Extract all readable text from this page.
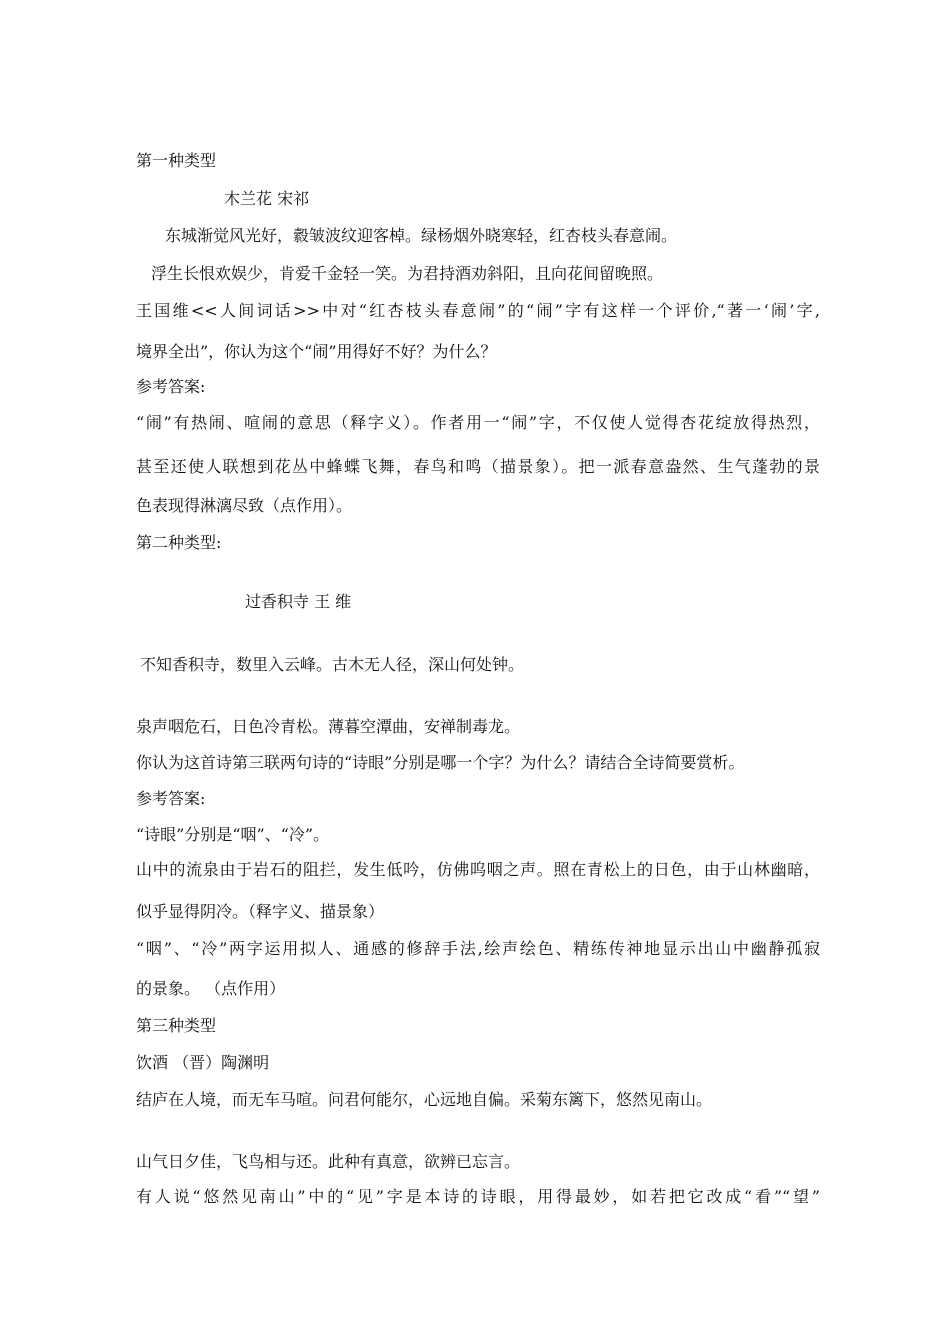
第一种类型
木兰花 宋祁
东城渐觉风光好，縠皱波纹迎客棹。绿杨烟外晓寒轻，红杏枝头春意闹。
浮生长恨欢娱少，肯爱千金轻一笑。为君持酒劝斜阳，且向花间留晚照。
王国维<<人间词话>>中对“红杏枝头春意闹”的“闹”字有这样一个评价,“著一‘闹’字,
境界全出”，你认为这个“闹”用得好不好？为什么？
参考答案:
“闹”有热闹、喧闹的意思（释字义）。作者用一“闹”字，不仅使人觉得杏花绽放得热烈，
甚至还使人联想到花丛中蜂蝶飞舞，春鸟和鸣（描景象）。把一派春意盎然、生气蓬勃的景
色表现得淋漓尽致（点作用）。
第二种类型:
过香积寺 王 维
不知香积寺，数里入云峰。古木无人径，深山何处钟。
泉声咽危石，日色冷青松。薄暮空潭曲，安禅制毒龙。
你认为这首诗第三联两句诗的“诗眼”分别是哪一个字？为什么？请结合全诗简要赏析。
参考答案:
“诗眼”分别是“咽”、“冷”。
山中的流泉由于岩石的阻拦，发生低吟，仿佛呜咽之声。照在青松上的日色，由于山林幽暗，
似乎显得阴冷。（释字义、描景象）
“咽”、“冷”两字运用拟人、通感的修辞手法,绘声绘色、精练传神地显示出山中幽静孤寂
的景象。 （点作用）
第三种类型
饮酒 （晋）陶渊明
结庐在人境，而无车马喧。问君何能尔，心远地自偏。采菊东篱下，悠然见南山。
山气日夕佳，飞鸟相与还。此种有真意，欲辨已忘言。
有人说“悠然见南山”中的“见”字是本诗的诗眼，用得最妙，如若把它改成“看”“望”
